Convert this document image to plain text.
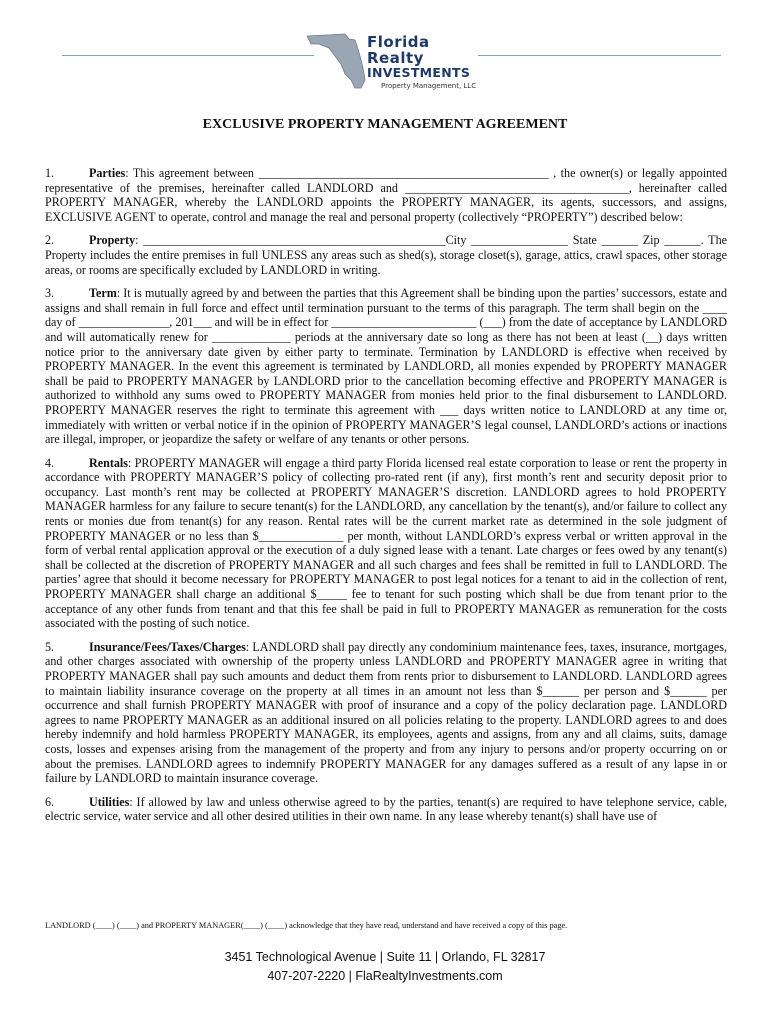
Florida
Realty
INVESTMENTS
Property Management, LLC
EXCLUSIVE PROPERTY MANAGEMENT AGREEMENT

1.	Parties: This agreement between ________________________________________________ , the owner(s) or legally appointed representative of the premises, hereinafter called LANDLORD and _____________________________________, hereinafter called PROPERTY MANAGER, whereby the LANDLORD appoints the PROPERTY MANAGER, its agents, successors, and assigns, EXCLUSIVE AGENT to operate, control and manage the real and personal property (collectively “PROPERTY”) described below:

2.	Property: __________________________________________________City ________________ State ______ Zip ______. The Property includes the entire premises in full UNLESS any areas such as shed(s), storage closet(s), garage, attics, crawl spaces, other storage areas, or rooms are specifically excluded by LANDLORD in writing.

3.	Term: It is mutually agreed by and between the parties that this Agreement shall be binding upon the parties’ successors, estate and assigns and shall remain in full force and effect until termination pursuant to the terms of this paragraph. The term shall begin on the ____ day of _______________, 201___ and will be in effect for ________________________ (___) from the date of acceptance by LANDLORD and will automatically renew for _____________ periods at the anniversary date so long as there has not been at least (__) days written notice prior to the anniversary date given by either party to terminate. Termination by LANDLORD is effective when received by PROPERTY MANAGER. In the event this agreement is terminated by LANDLORD, all monies expended by PROPERTY MANAGER shall be paid to PROPERTY MANAGER by LANDLORD prior to the cancellation becoming effective and PROPERTY MANAGER is authorized to withhold any sums owed to PROPERTY MANAGER from monies held prior to the final disbursement to LANDLORD. PROPERTY MANAGER reserves the right to terminate this agreement with ___ days written notice to LANDLORD at any time or, immediately with written or verbal notice if in the opinion of PROPERTY MANAGER’S legal counsel, LANDLORD’s actions or inactions are illegal, improper, or jeopardize the safety or welfare of any tenants or other persons.

4.	Rentals: PROPERTY MANAGER will engage a third party Florida licensed real estate corporation to lease or rent the property in accordance with PROPERTY MANAGER’S policy of collecting pro-rated rent (if any), first month’s rent and security deposit prior to occupancy. Last month’s rent may be collected at PROPERTY MANAGER’S discretion. LANDLORD agrees to hold PROPERTY MANAGER harmless for any failure to secure tenant(s) for the LANDLORD, any cancellation by the tenant(s), and/or failure to collect any rents or monies due from tenant(s) for any reason. Rental rates will be the current market rate as determined in the sole judgment of PROPERTY MANAGER or no less than $______________ per month, without LANDLORD’s express verbal or written approval in the form of verbal rental application approval or the execution of a duly signed lease with a tenant. Late charges or fees owed by any tenant(s) shall be collected at the discretion of PROPERTY MANAGER and all such charges and fees shall be remitted in full to LANDLORD. The parties’ agree that should it become necessary for PROPERTY MANAGER to post legal notices for a tenant to aid in the collection of rent, PROPERTY MANAGER shall charge an additional $_____ fee to tenant for such posting which shall be due from tenant prior to the acceptance of any other funds from tenant and that this fee shall be paid in full to PROPERTY MANAGER as remuneration for the costs associated with the posting of such notice.

5.	Insurance/Fees/Taxes/Charges: LANDLORD shall pay directly any condominium maintenance fees, taxes, insurance, mortgages, and other charges associated with ownership of the property unless LANDLORD and PROPERTY MANAGER agree in writing that PROPERTY MANAGER shall pay such amounts and deduct them from rents prior to disbursement to LANDLORD. LANDLORD agrees to maintain liability insurance coverage on the property at all times in an amount not less than $______ per person and $______ per occurrence and shall furnish PROPERTY MANAGER with proof of insurance and a copy of the policy declaration page. LANDLORD agrees to name PROPERTY MANAGER as an additional insured on all policies relating to the property. LANDLORD agrees to and does hereby indemnify and hold harmless PROPERTY MANAGER, its employees, agents and assigns, from any and all claims, suits, damage costs, losses and expenses arising from the management of the property and from any injury to persons and/or property occurring on or about the premises. LANDLORD agrees to indemnify PROPERTY MANAGER for any damages suffered as a result of any lapse in or failure by LANDLORD to maintain insurance coverage.

6.	Utilities: If allowed by law and unless otherwise agreed to by the parties, tenant(s) are required to have telephone service, cable, electric service, water service and all other desired utilities in their own name. In any lease whereby tenant(s) shall have use of

LANDLORD (____) (____) and PROPERTY MANAGER(____) (____) acknowledge that they have read, understand and have received a copy of this page.
3451 Technological Avenue | Suite 11 | Orlando, FL 32817
407-207-2220 | FlaRealtyInvestments.com
